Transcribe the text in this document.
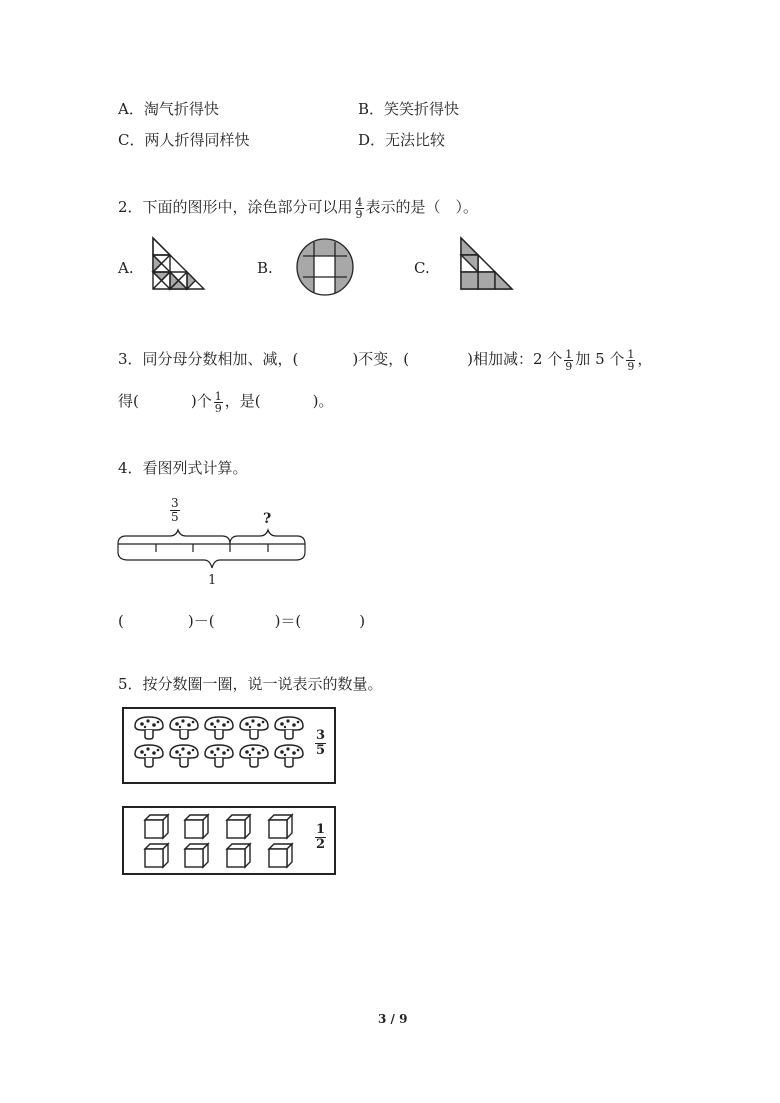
A．淘气折得快	B．笑笑折得快
C．两人折得同样快	D．无法比较
2．下面的图形中，涂色部分可以用 $\frac{4}{9}$ 表示的是（　）。
A.	B.	C.
3．同分母分数相加、减，(	)不变，(	)相加减：2 个 $\frac{1}{9}$ 加 5 个 $\frac{1}{9}$ ，
得(	)个 $\frac{1}{9}$ ，是(	)。
4．看图列式计算。
$\frac{3}{5}$	?
1
(	)－(	)＝(	)
5．按分数圈一圈，说一说表示的数量。
$\frac{3}{5}$
$\frac{1}{2}$
3 / 9
